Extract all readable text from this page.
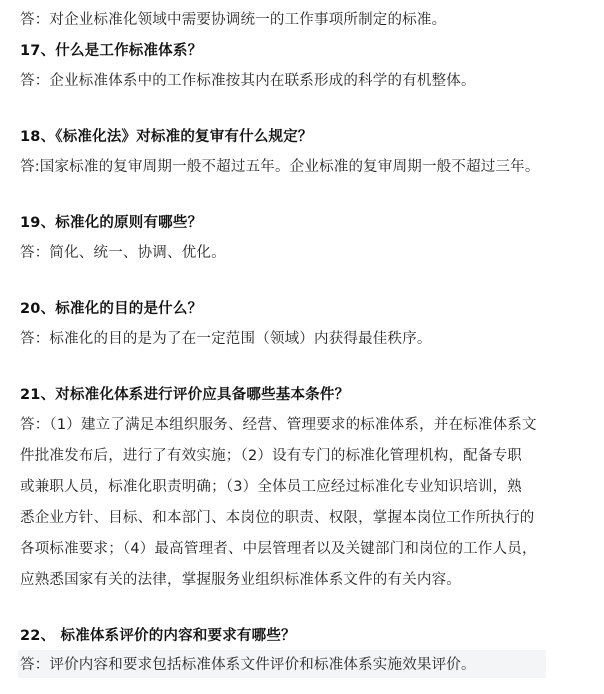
答：对企业标准化领域中需要协调统一的工作事项所制定的标准。
17、什么是工作标准体系？
答：企业标准体系中的工作标准按其内在联系形成的科学的有机整体。
18、《标准化法》对标准的复审有什么规定？
答:国家标准的复审周期一般不超过五年。企业标准的复审周期一般不超过三年。
19、标准化的原则有哪些？
答：简化、统一、协调、优化。
20、标准化的目的是什么？
答：标准化的目的是为了在一定范围（领域）内获得最佳秩序。
21、对标准化体系进行评价应具备哪些基本条件？
答：（1）建立了满足本组织服务、经营、管理要求的标准体系，并在标准体系文
件批准发布后，进行了有效实施；（2）设有专门的标准化管理机构，配备专职
或兼职人员，标准化职责明确；（3）全体员工应经过标准化专业知识培训，熟
悉企业方针、目标、和本部门、本岗位的职责、权限，掌握本岗位工作所执行的
各项标准要求；（4）最高管理者、中层管理者以及关键部门和岗位的工作人员，
应熟悉国家有关的法律，掌握服务业组织标准体系文件的有关内容。
22、 标准体系评价的内容和要求有哪些？
答：评价内容和要求包括标准体系文件评价和标准体系实施效果评价。
